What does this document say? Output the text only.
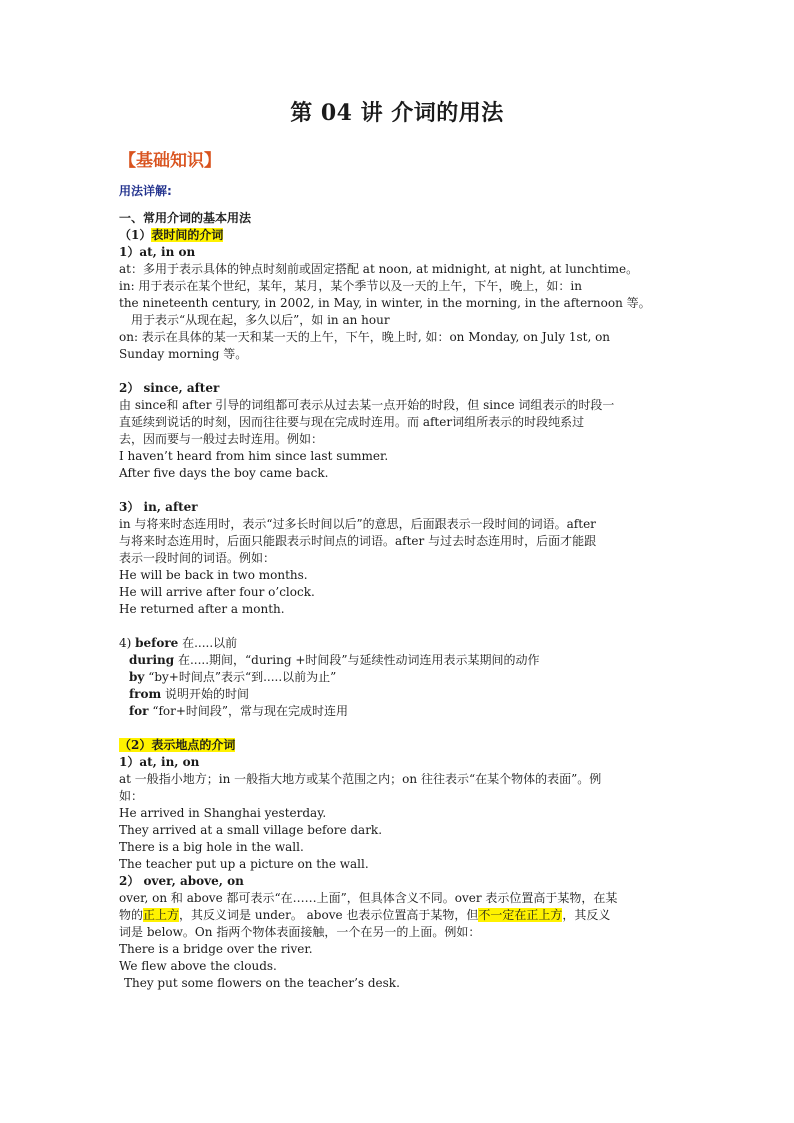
第 04 讲 介词的用法
【基础知识】
用法详解:

一、常用介词的基本用法

（1）表时间的介词

1）at, in on

at：多用于表示具体的钟点时刻前或固定搭配 at noon, at midnight, at night, at lunchtime。

in: 用于表示在某个世纪，某年，某月，某个季节以及一天的上午，下午，晚上，如：in

the nineteenth century, in 2002, in May, in winter, in the morning, in the afternoon 等。

用于表示“从现在起，多久以后”，如 in an hour

on: 表示在具体的某一天和某一天的上午，下午，晚上时, 如：on Monday, on July 1st, on

Sunday morning 等。

2） since, after

由 since和 after 引导的词组都可表示从过去某一点开始的时段，但 since 词组表示的时段一

直延续到说话的时刻，因而往往要与现在完成时连用。而 after词组所表示的时段纯系过

去，因而要与一般过去时连用。例如：

I haven’t heard from him since last summer.

After five days the boy came back.

3） in, after

in 与将来时态连用时，表示“过多长时间以后”的意思，后面跟表示一段时间的词语。after

与将来时态连用时，后面只能跟表示时间点的词语。after 与过去时态连用时，后面才能跟

表示一段时间的词语。例如：

He will be back in two months.

He will arrive after four o’clock.

He returned after a month.

4) before 在.....以前

during 在.....期间，“during +时间段”与延续性动词连用表示某期间的动作

by “by+时间点”表示“到.....以前为止”

from 说明开始的时间

for “for+时间段”，常与现在完成时连用

（2）表示地点的介词

1）at, in, on

at 一般指小地方；in 一般指大地方或某个范围之内；on 往往表示“在某个物体的表面”。例

如：

He arrived in Shanghai yesterday.

They arrived at a small village before dark.

There is a big hole in the wall.

The teacher put up a picture on the wall.

2） over, above, on

over, on 和 above 都可表示“在……上面”，但具体含义不同。over 表示位置高于某物，在某

物的正上方，其反义词是 under。 above 也表示位置高于某物，但不一定在正上方，其反义

词是 below。On 指两个物体表面接触，一个在另一的上面。例如：

There is a bridge over the river.

We flew above the clouds.

They put some flowers on the teacher’s desk.
